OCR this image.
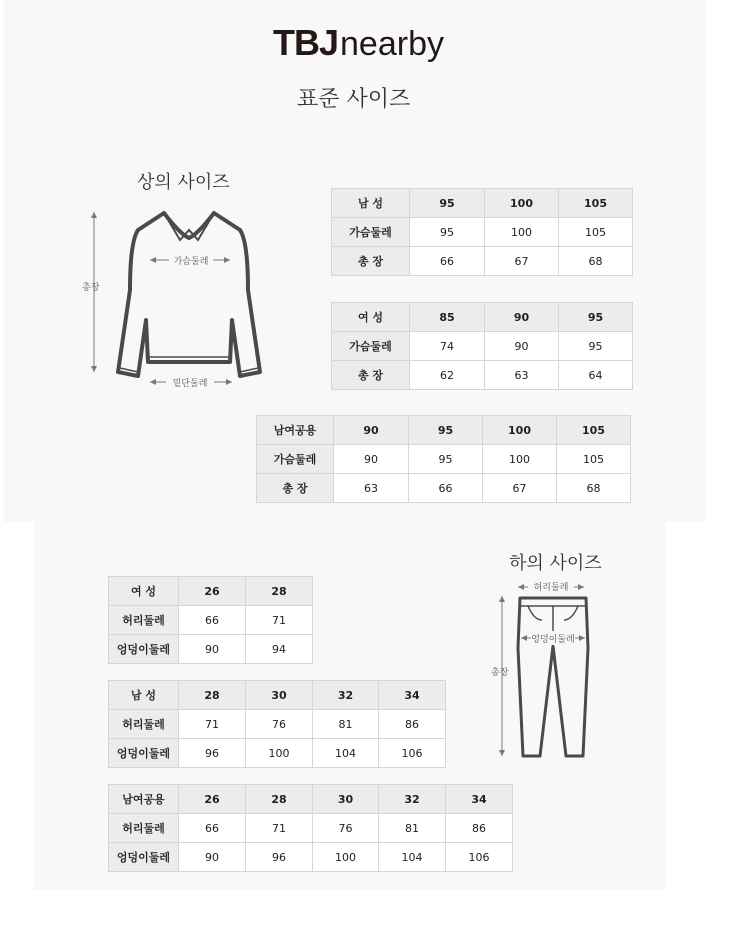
TBJnearby
표준 사이즈
상의 사이즈
가슴둘레
총장
밑단둘레
남 성	95	100	105
가슴둘레	95	100	105
총 장	66	67	68
여 성	85	90	95
가슴둘레	74	90	95
총 장	62	63	64
남여공용	90	95	100	105
가슴둘레	90	95	100	105
총 장	63	66	67	68
하의 사이즈
허리둘레
총장
엉덩이둘레
여 성	26	28
허리둘레	66	71
엉덩이둘레	90	94
남 성	28	30	32	34
허리둘레	71	76	81	86
엉덩이둘레	96	100	104	106
남여공용	26	28	30	32	34
허리둘레	66	71	76	81	86
엉덩이둘레	90	96	100	104	106
